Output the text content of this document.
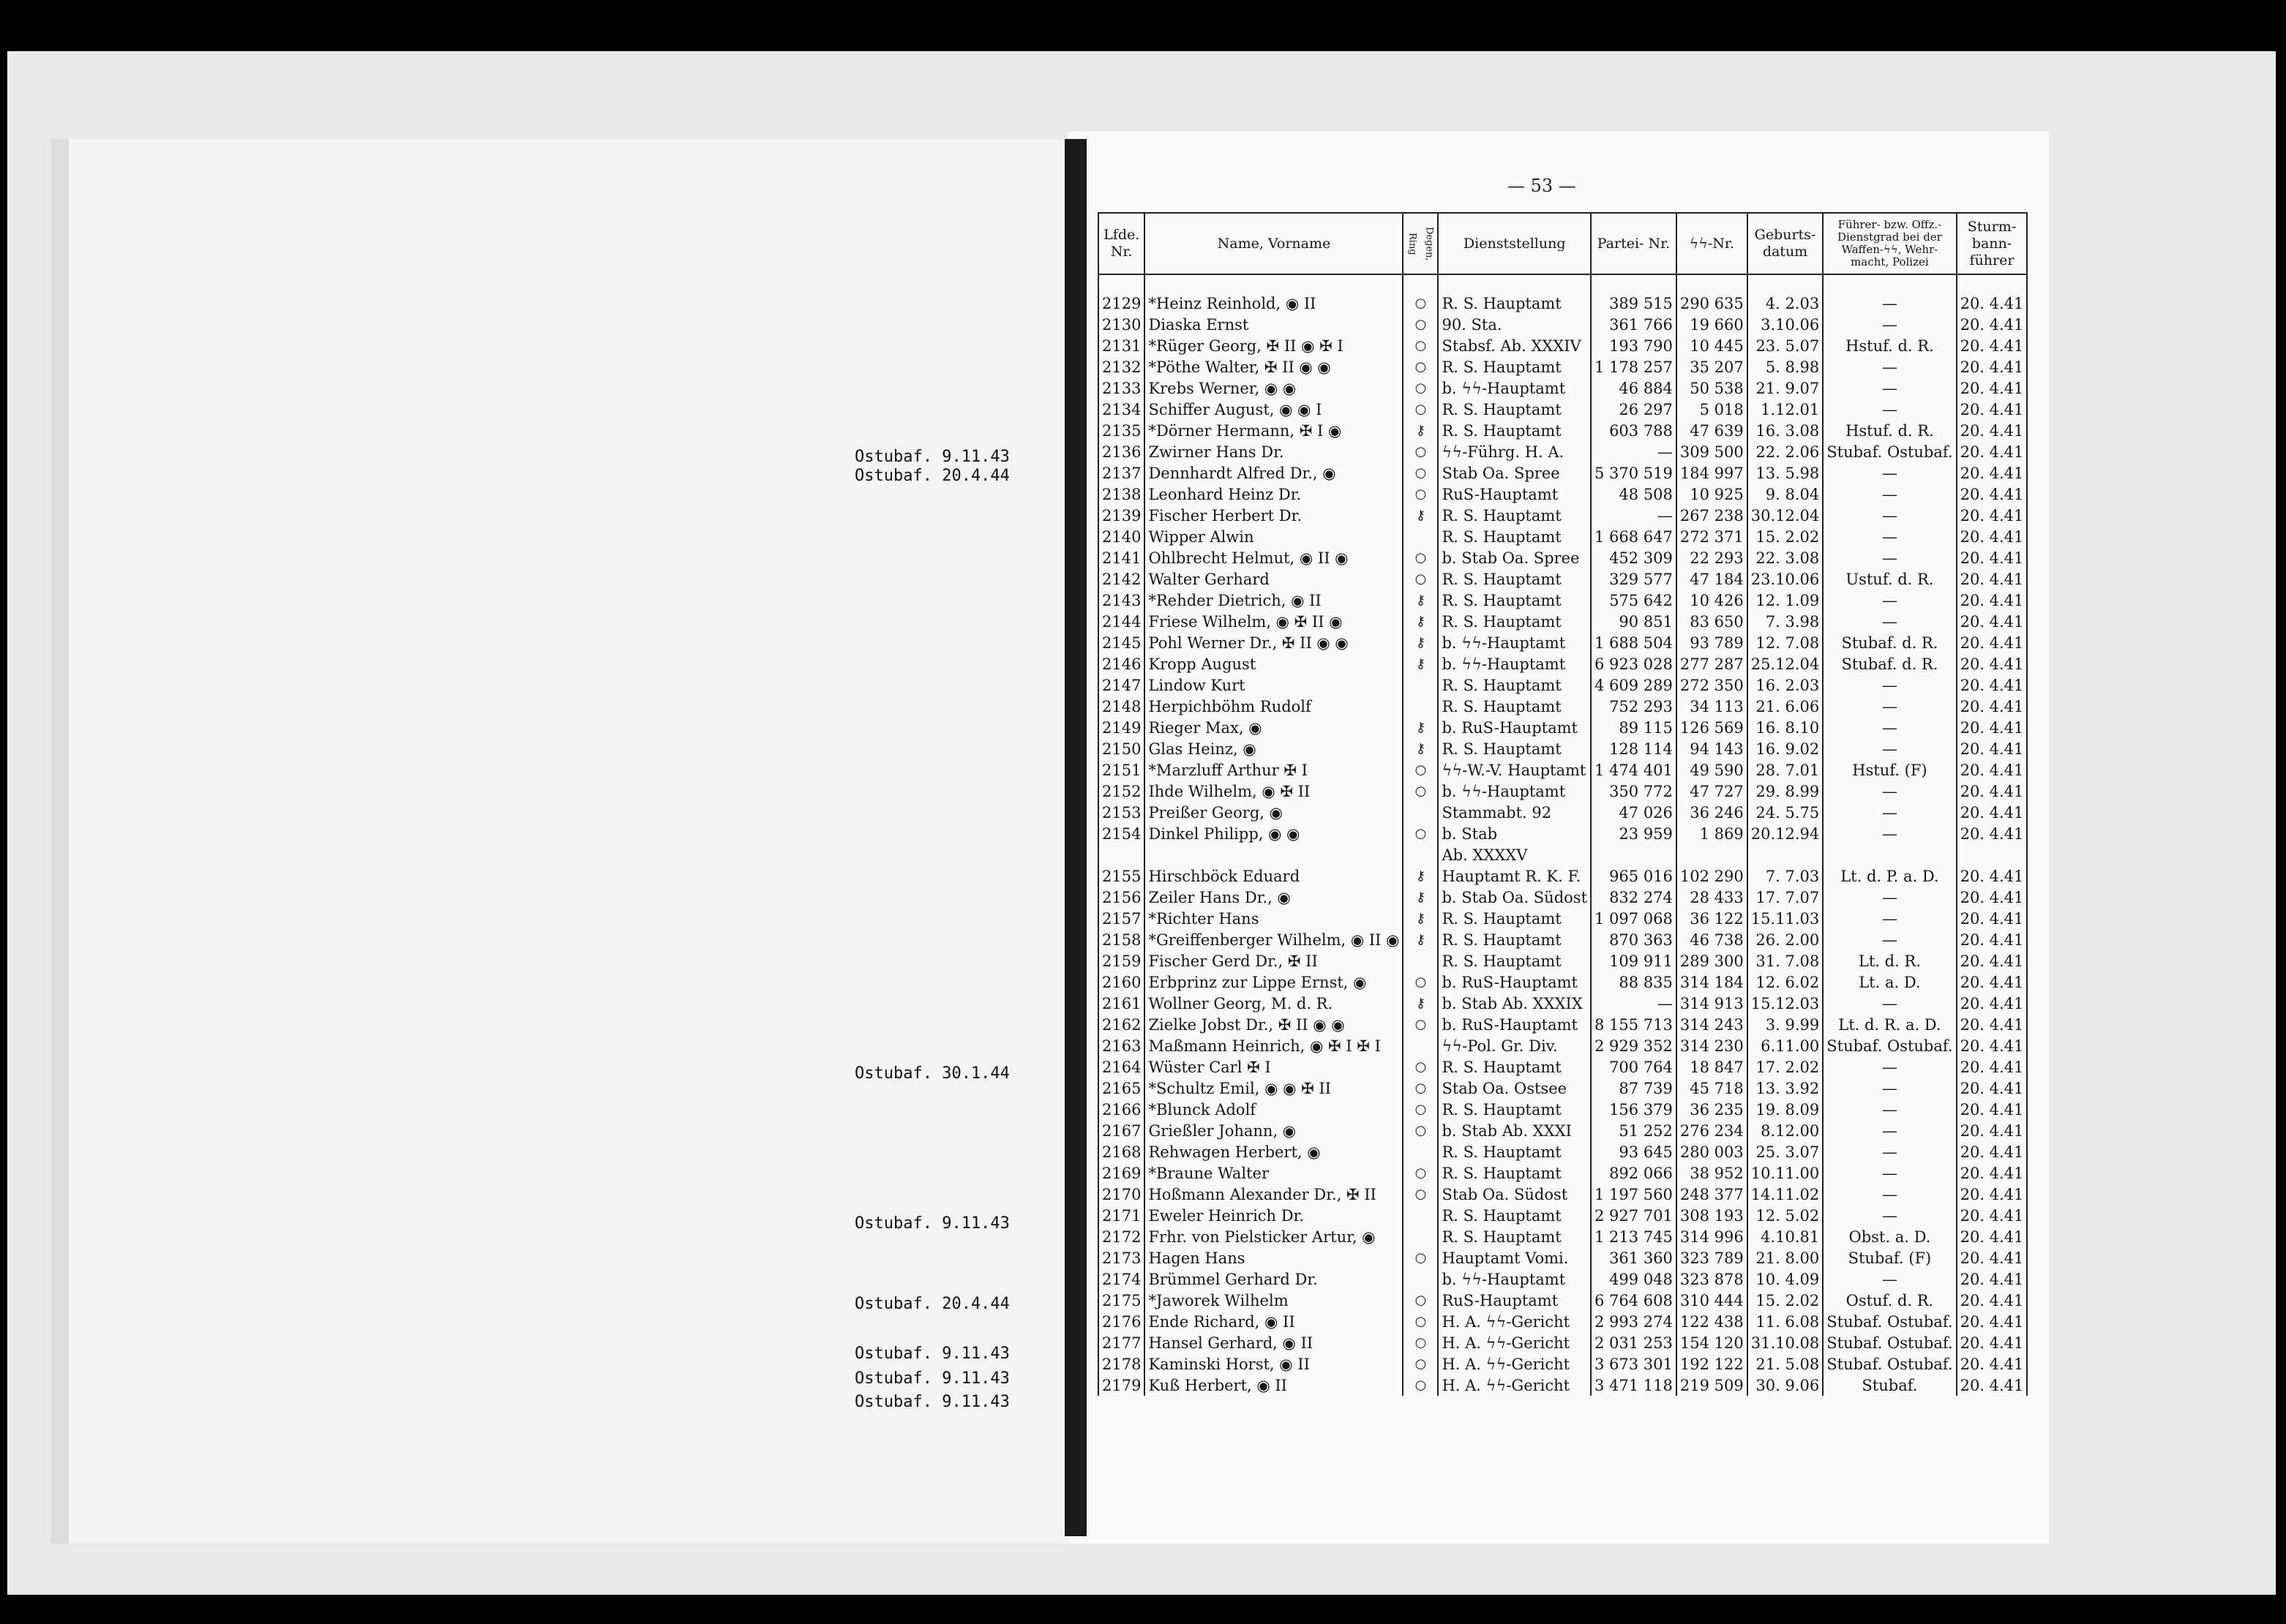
— 53 —
Ostubaf. 9.11.43
Ostubaf. 20.4.44
Ostubaf. 30.1.44
Ostubaf. 9.11.43
Ostubaf. 20.4.44
Ostubaf. 9.11.43
Ostubaf. 9.11.43
Ostubaf. 9.11.43
Lfde. Nr.	Name, Vorname	Degen, Ring	Dienststellung	Partei- Nr.	ϟϟ-Nr.	Geburts- datum	Führer- bzw. Offz.- Dienstgrad bei der Waffen-ϟϟ, Wehr- macht, Polizei	Sturm- bann- führer

2129	*Heinz Reinhold, ◉ II	○	R. S. Hauptamt	389 515	290 635	4. 2.03	—	20. 4.41
2130	Diaska Ernst	○	90. Sta.	361 766	19 660	3.10.06	—	20. 4.41
2131	*Rüger Georg, ✠ II ◉ ✠ I	○	Stabsf. Ab. XXXIV	193 790	10 445	23. 5.07	Hstuf. d. R.	20. 4.41
2132	*Pöthe Walter, ✠ II ◉ ◉	○	R. S. Hauptamt	1 178 257	35 207	5. 8.98	—	20. 4.41
2133	Krebs Werner, ◉ ◉	○	b. ϟϟ-Hauptamt	46 884	50 538	21. 9.07	—	20. 4.41
2134	Schiffer August, ◉ ◉ I	○	R. S. Hauptamt	26 297	5 018	1.12.01	—	20. 4.41
2135	*Dörner Hermann, ✠ I ◉	⚷	R. S. Hauptamt	603 788	47 639	16. 3.08	Hstuf. d. R.	20. 4.41
2136	Zwirner Hans Dr.	○	ϟϟ-Führg. H. A.	—	309 500	22. 2.06	Stubaf. Ostubaf.	20. 4.41
2137	Dennhardt Alfred Dr., ◉	○	Stab Oa. Spree	5 370 519	184 997	13. 5.98	—	20. 4.41
2138	Leonhard Heinz Dr.	○	RuS-Hauptamt	48 508	10 925	9. 8.04	—	20. 4.41
2139	Fischer Herbert Dr.	⚷	R. S. Hauptamt	—	267 238	30.12.04	—	20. 4.41
2140	Wipper Alwin		R. S. Hauptamt	1 668 647	272 371	15. 2.02	—	20. 4.41
2141	Ohlbrecht Helmut, ◉ II ◉	○	b. Stab Oa. Spree	452 309	22 293	22. 3.08	—	20. 4.41
2142	Walter Gerhard	○	R. S. Hauptamt	329 577	47 184	23.10.06	Ustuf. d. R.	20. 4.41
2143	*Rehder Dietrich, ◉ II	⚷	R. S. Hauptamt	575 642	10 426	12. 1.09	—	20. 4.41
2144	Friese Wilhelm, ◉ ✠ II ◉	⚷	R. S. Hauptamt	90 851	83 650	7. 3.98	—	20. 4.41
2145	Pohl Werner Dr., ✠ II ◉ ◉	⚷	b. ϟϟ-Hauptamt	1 688 504	93 789	12. 7.08	Stubaf. d. R.	20. 4.41
2146	Kropp August	⚷	b. ϟϟ-Hauptamt	6 923 028	277 287	25.12.04	Stubaf. d. R.	20. 4.41
2147	Lindow Kurt		R. S. Hauptamt	4 609 289	272 350	16. 2.03	—	20. 4.41
2148	Herpichböhm Rudolf		R. S. Hauptamt	752 293	34 113	21. 6.06	—	20. 4.41
2149	Rieger Max, ◉	⚷	b. RuS-Hauptamt	89 115	126 569	16. 8.10	—	20. 4.41
2150	Glas Heinz, ◉	⚷	R. S. Hauptamt	128 114	94 143	16. 9.02	—	20. 4.41
2151	*Marzluff Arthur ✠ I	○	ϟϟ-W.-V. Hauptamt	1 474 401	49 590	28. 7.01	Hstuf. (F)	20. 4.41
2152	Ihde Wilhelm, ◉ ✠ II	○	b. ϟϟ-Hauptamt	350 772	47 727	29. 8.99	—	20. 4.41
2153	Preißer Georg, ◉		Stammabt. 92	47 026	36 246	24. 5.75	—	20. 4.41
2154	Dinkel Philipp, ◉ ◉	○	b. Stab	23 959	1 869	20.12.94	—	20. 4.41
			Ab. XXXXV					
2155	Hirschböck Eduard	⚷	Hauptamt R. K. F.	965 016	102 290	7. 7.03	Lt. d. P. a. D.	20. 4.41
2156	Zeiler Hans Dr., ◉	⚷	b. Stab Oa. Südost	832 274	28 433	17. 7.07	—	20. 4.41
2157	*Richter Hans	⚷	R. S. Hauptamt	1 097 068	36 122	15.11.03	—	20. 4.41
2158	*Greiffenberger Wilhelm, ◉ II ◉	⚷	R. S. Hauptamt	870 363	46 738	26. 2.00	—	20. 4.41
2159	Fischer Gerd Dr., ✠ II		R. S. Hauptamt	109 911	289 300	31. 7.08	Lt. d. R.	20. 4.41
2160	Erbprinz zur Lippe Ernst, ◉	○	b. RuS-Hauptamt	88 835	314 184	12. 6.02	Lt. a. D.	20. 4.41
2161	Wollner Georg, M. d. R.	⚷	b. Stab Ab. XXXIX	—	314 913	15.12.03	—	20. 4.41
2162	Zielke Jobst Dr., ✠ II ◉ ◉	○	b. RuS-Hauptamt	8 155 713	314 243	3. 9.99	Lt. d. R. a. D.	20. 4.41
2163	Maßmann Heinrich, ◉ ✠ I ✠ I		ϟϟ-Pol. Gr. Div.	2 929 352	314 230	6.11.00	Stubaf. Ostubaf.	20. 4.41
2164	Wüster Carl ✠ I	○	R. S. Hauptamt	700 764	18 847	17. 2.02	—	20. 4.41
2165	*Schultz Emil, ◉ ◉ ✠ II	○	Stab Oa. Ostsee	87 739	45 718	13. 3.92	—	20. 4.41
2166	*Blunck Adolf	○	R. S. Hauptamt	156 379	36 235	19. 8.09	—	20. 4.41
2167	Grießler Johann, ◉	○	b. Stab Ab. XXXI	51 252	276 234	8.12.00	—	20. 4.41
2168	Rehwagen Herbert, ◉		R. S. Hauptamt	93 645	280 003	25. 3.07	—	20. 4.41
2169	*Braune Walter	○	R. S. Hauptamt	892 066	38 952	10.11.00	—	20. 4.41
2170	Hoßmann Alexander Dr., ✠ II	○	Stab Oa. Südost	1 197 560	248 377	14.11.02	—	20. 4.41
2171	Eweler Heinrich Dr.		R. S. Hauptamt	2 927 701	308 193	12. 5.02	—	20. 4.41
2172	Frhr. von Pielsticker Artur, ◉		R. S. Hauptamt	1 213 745	314 996	4.10.81	Obst. a. D.	20. 4.41
2173	Hagen Hans	○	Hauptamt Vomi.	361 360	323 789	21. 8.00	Stubaf. (F)	20. 4.41
2174	Brümmel Gerhard Dr.		b. ϟϟ-Hauptamt	499 048	323 878	10. 4.09	—	20. 4.41
2175	*Jaworek Wilhelm	○	RuS-Hauptamt	6 764 608	310 444	15. 2.02	Ostuf. d. R.	20. 4.41
2176	Ende Richard, ◉ II	○	H. A. ϟϟ-Gericht	2 993 274	122 438	11. 6.08	Stubaf. Ostubaf.	20. 4.41
2177	Hansel Gerhard, ◉ II	○	H. A. ϟϟ-Gericht	2 031 253	154 120	31.10.08	Stubaf. Ostubaf.	20. 4.41
2178	Kaminski Horst, ◉ II	○	H. A. ϟϟ-Gericht	3 673 301	192 122	21. 5.08	Stubaf. Ostubaf.	20. 4.41
2179	Kuß Herbert, ◉ II	○	H. A. ϟϟ-Gericht	3 471 118	219 509	30. 9.06	Stubaf.	20. 4.41
